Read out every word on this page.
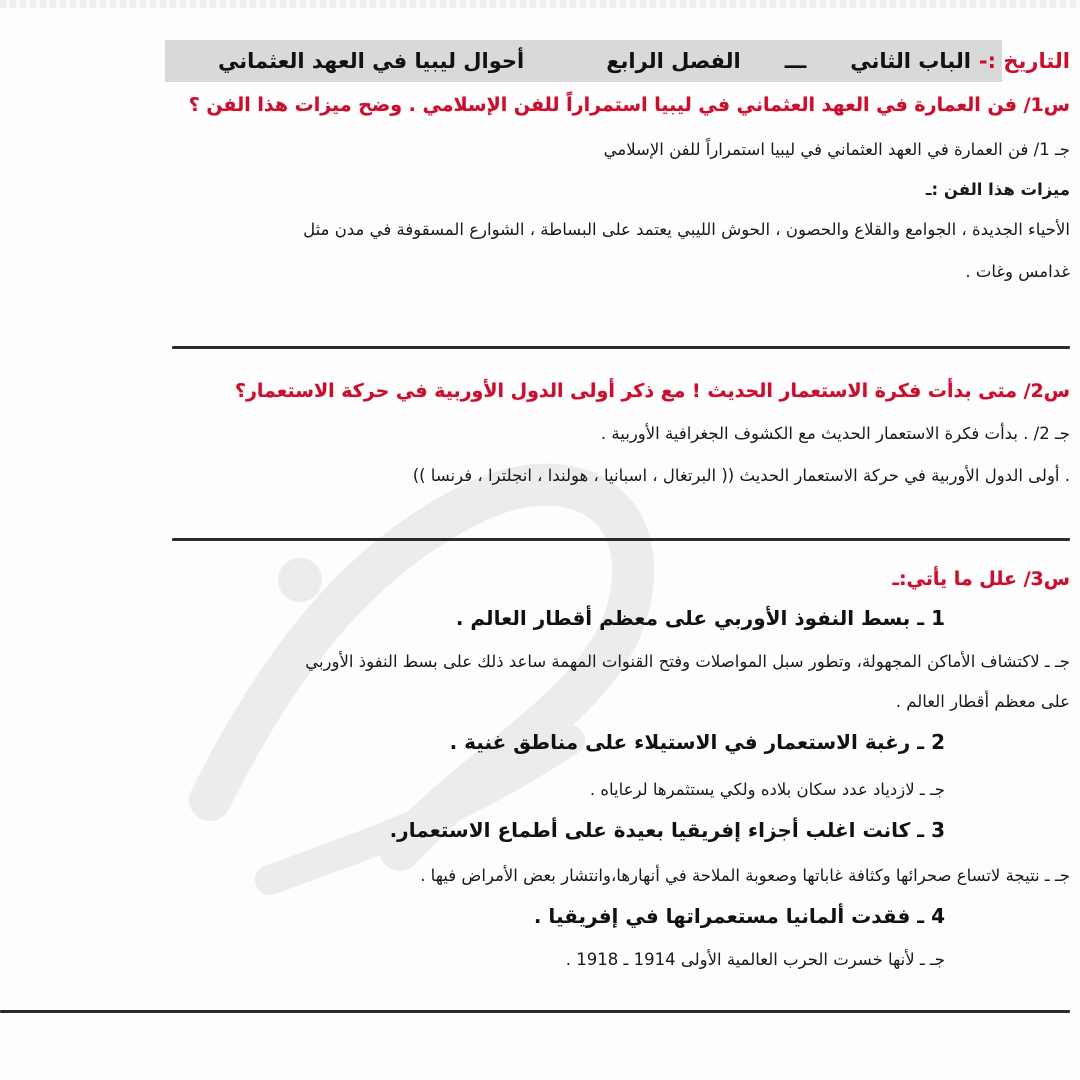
التاريخ :-
الباب الثاني
ـــ
الفصل الرابع
أحوال ليبيا في العهد العثماني
س1/ فن العمارة في العهد العثماني في ليبيا استمراراً للفن الإسلامي . وضح ميزات هذا الفن ؟
جـ 1/ فن العمارة في العهد العثماني في ليبيا استمراراً للفن الإسلامي
ميزات هذا الفن :ـ
الأحياء الجديدة ، الجوامع والقلاع والحصون ، الحوش الليبي يعتمد على البساطة ، الشوارع المسقوفة في مدن مثل
غدامس وغات .
س2/ متى بدأت فكرة الاستعمار الحديث ! مع ذكر أولى الدول الأوربية في حركة الاستعمار؟
جـ 2/ . بدأت فكرة الاستعمار الحديث مع الكشوف الجغرافية الأوربية .
. أولى الدول الأوربية في حركة الاستعمار الحديث (( البرتغال ، اسبانيا ، هولندا ، انجلترا ، فرنسا ))
س3/ علل ما يأتي:ـ
1 ـ بسط النفوذ الأوربي على معظم أقطار العالم .
جـ ـ لاكتشاف الأماكن المجهولة، وتطور سبل المواصلات وفتح القنوات المهمة ساعد ذلك على بسط النفوذ الأوربي
على معظم أقطار العالم .
2 ـ رغبة الاستعمار في الاستيلاء على مناطق غنية .
جـ ـ لازدياد عدد سكان بلاده ولكي يستثمرها لرعاياه .
3 ـ كانت اغلب أجزاء إفريقيا بعيدة على أطماع الاستعمار.
جـ ـ نتيجة لاتساع صحرائها وكثافة غاباتها وصعوبة الملاحة في أنهارها،وانتشار بعض الأمراض فيها .
4 ـ فقدت ألمانيا مستعمراتها في إفريقيا .
جـ ـ لأنها خسرت الحرب العالمية الأولى 1914 ـ 1918 .
